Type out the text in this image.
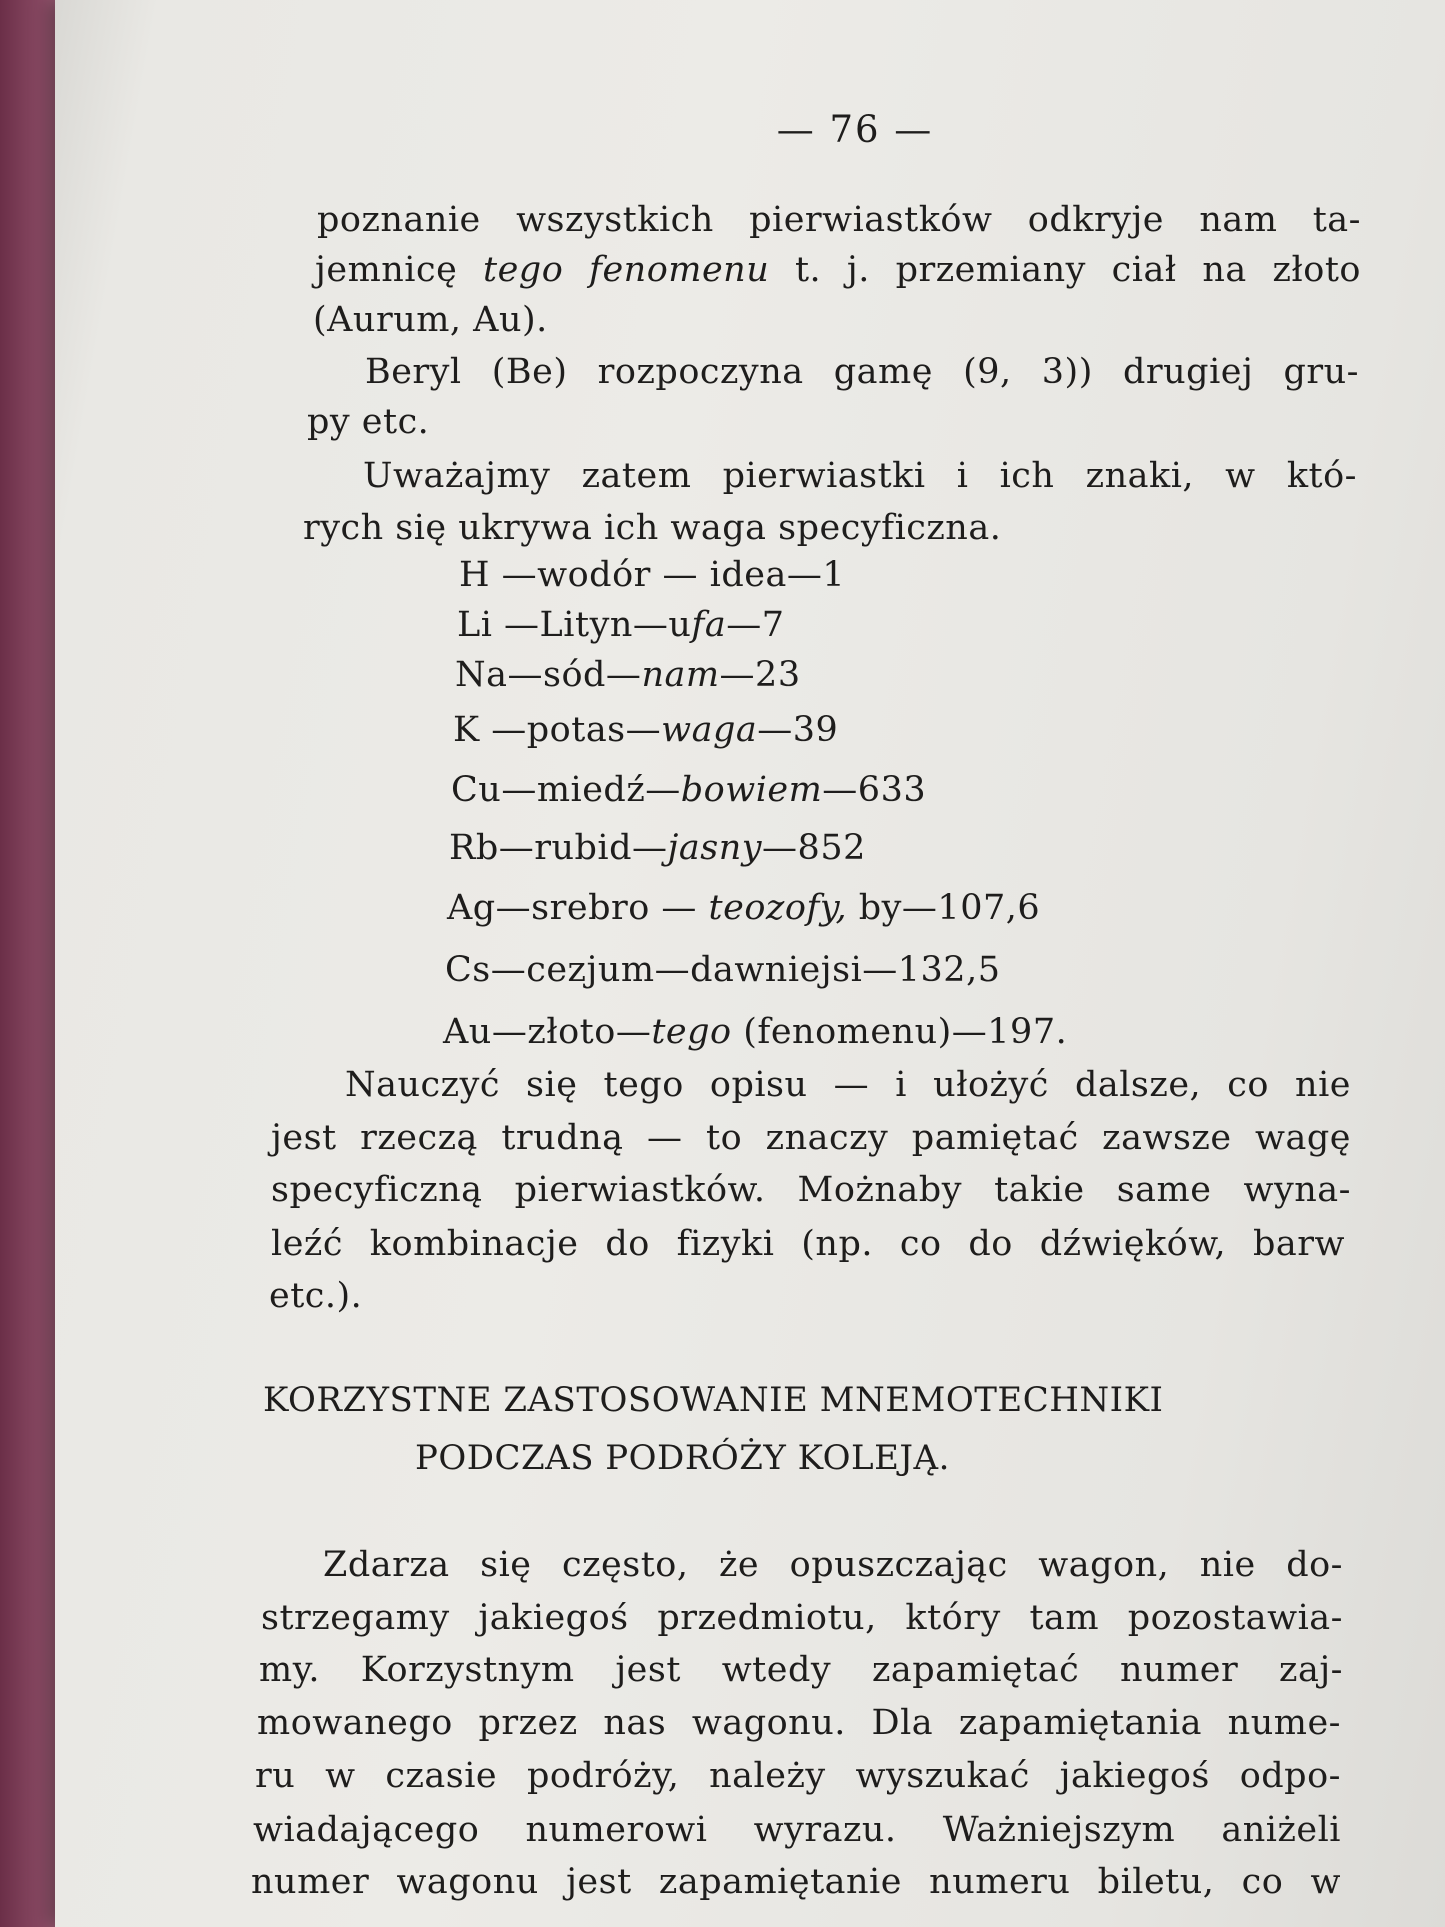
— 76 —
poznanie wszystkich pierwiastków odkryje nam ta-
jemnicę tego fenomenu t. j. przemiany ciał na złoto
(Aurum, Au).
Beryl (Be) rozpoczyna gamę (9, 3)) drugiej gru-
py etc.
Uważajmy zatem pierwiastki i ich znaki, w któ-
rych się ukrywa ich waga specyficzna.
H —wodór — idea—1
Li —Lityn—ufa—7
Na—sód—nam—23
K —potas—waga—39
Cu—miedź—bowiem—633
Rb—rubid—jasny—852
Ag—srebro — teozofy, by—107,6
Cs—cezjum—dawniejsi—132,5
Au—złoto—tego (fenomenu)—197.
Nauczyć się tego opisu — i ułożyć dalsze, co nie
jest rzeczą trudną — to znaczy pamiętać zawsze wagę
specyficzną pierwiastków. Możnaby takie same wyna-
leźć kombinacje do fizyki (np. co do dźwięków, barw
etc.).
KORZYSTNE ZASTOSOWANIE MNEMOTECHNIKI
PODCZAS PODRÓŻY KOLEJĄ.
Zdarza się często, że opuszczając wagon, nie do-
strzegamy jakiegoś przedmiotu, który tam pozostawia-
my. Korzystnym jest wtedy zapamiętać numer zaj-
mowanego przez nas wagonu. Dla zapamiętania nume-
ru w czasie podróży, należy wyszukać jakiegoś odpo-
wiadającego numerowi wyrazu. Ważniejszym aniżeli
numer wagonu jest zapamiętanie numeru biletu, co w
